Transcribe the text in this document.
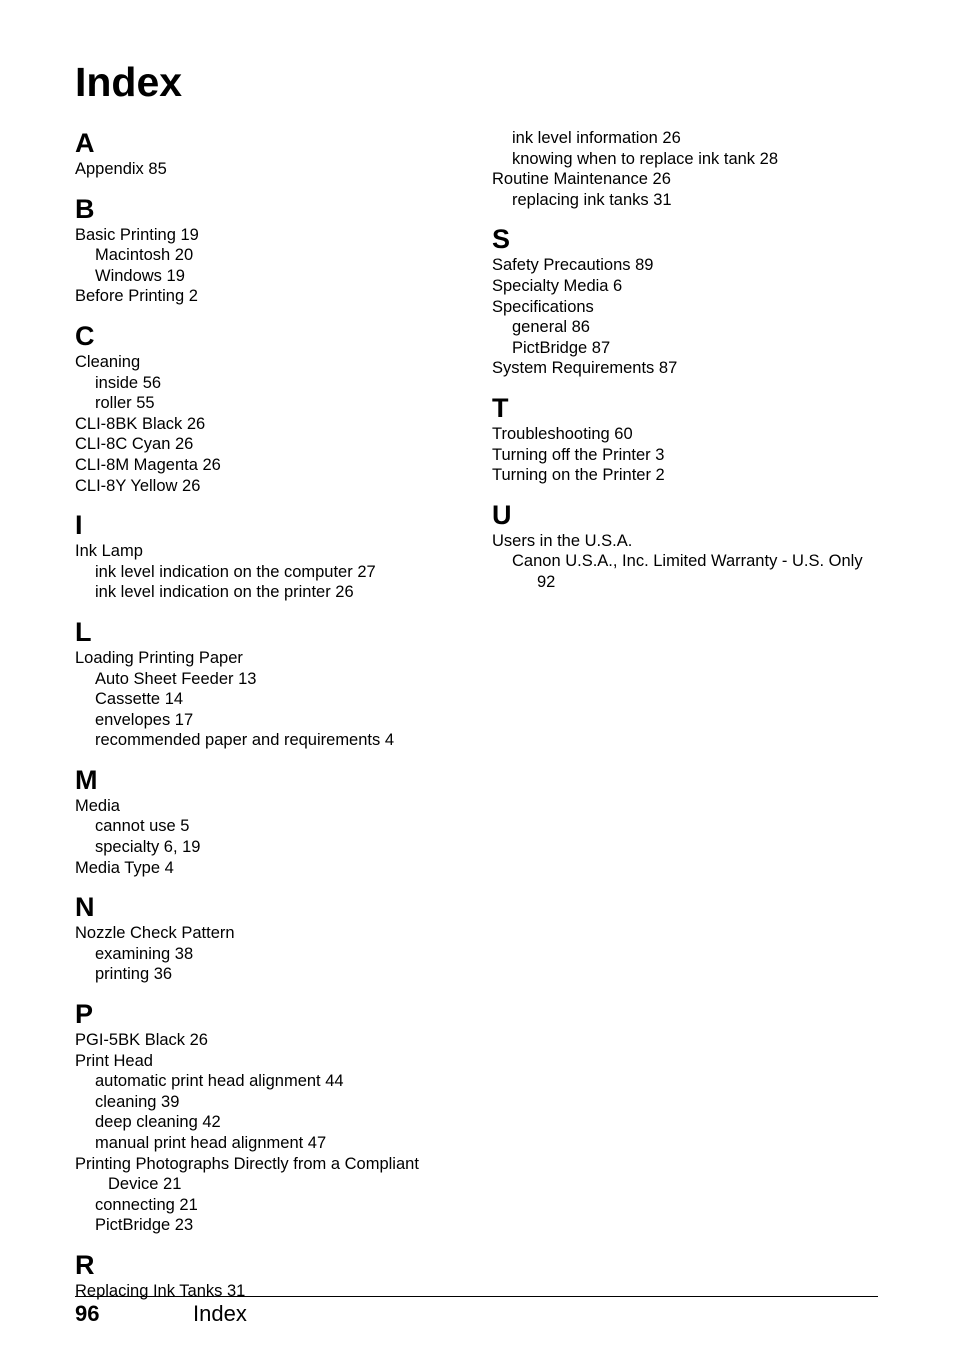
Index
A
Appendix 85
B
Basic Printing 19
Macintosh 20
Windows 19
Before Printing 2
C
Cleaning
inside 56
roller 55
CLI-8BK Black 26
CLI-8C Cyan 26
CLI-8M Magenta 26
CLI-8Y Yellow 26
I
Ink Lamp
ink level indication on the computer 27
ink level indication on the printer 26
L
Loading Printing Paper
Auto Sheet Feeder 13
Cassette 14
envelopes 17
recommended paper and requirements 4
M
Media
cannot use 5
specialty 6, 19
Media Type 4
N
Nozzle Check Pattern
examining 38
printing 36
P
PGI-5BK Black 26
Print Head
automatic print head alignment 44
cleaning 39
deep cleaning 42
manual print head alignment 47
Printing Photographs Directly from a Compliant
Device 21
connecting 21
PictBridge 23
R
Replacing Ink Tanks 31
ink level information 26
knowing when to replace ink tank 28
Routine Maintenance 26
replacing ink tanks 31
S
Safety Precautions 89
Specialty Media 6
Specifications
general 86
PictBridge 87
System Requirements 87
T
Troubleshooting 60
Turning off the Printer 3
Turning on the Printer 2
U
Users in the U.S.A.
Canon U.S.A., Inc. Limited Warranty - U.S. Only
92
96	Index
